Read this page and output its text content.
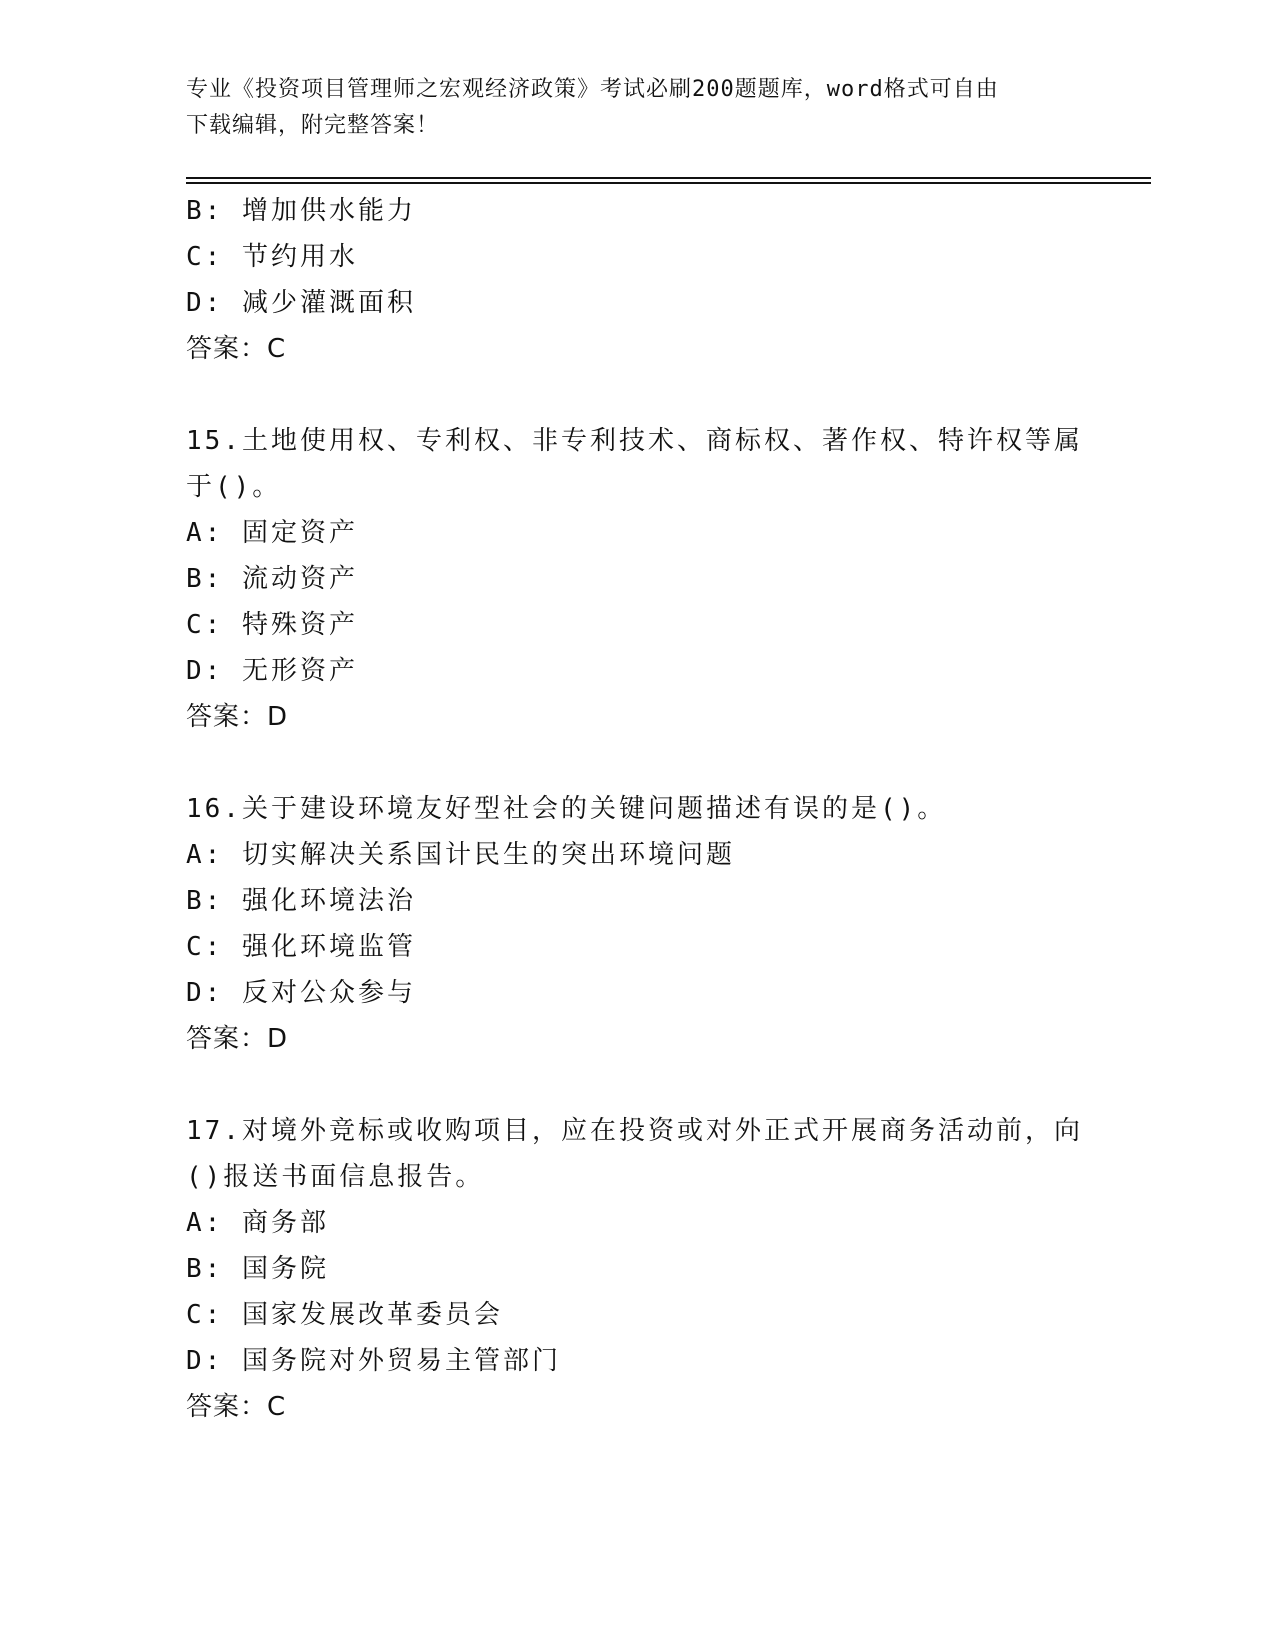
专业《投资项目管理师之宏观经济政策》考试必刷200题题库，word格式可自由
下载编辑，附完整答案！
B: 增加供水能力
C: 节约用水
D: 减少灌溉面积
答案：C
15.土地使用权、专利权、非专利技术、商标权、著作权、特许权等属
于()。
A: 固定资产
B: 流动资产
C: 特殊资产
D: 无形资产
答案：D
16.关于建设环境友好型社会的关键问题描述有误的是()。
A: 切实解决关系国计民生的突出环境问题
B: 强化环境法治
C: 强化环境监管
D: 反对公众参与
答案：D
17.对境外竞标或收购项目，应在投资或对外正式开展商务活动前，向
()报送书面信息报告。
A: 商务部
B: 国务院
C: 国家发展改革委员会
D: 国务院对外贸易主管部门
答案：C
